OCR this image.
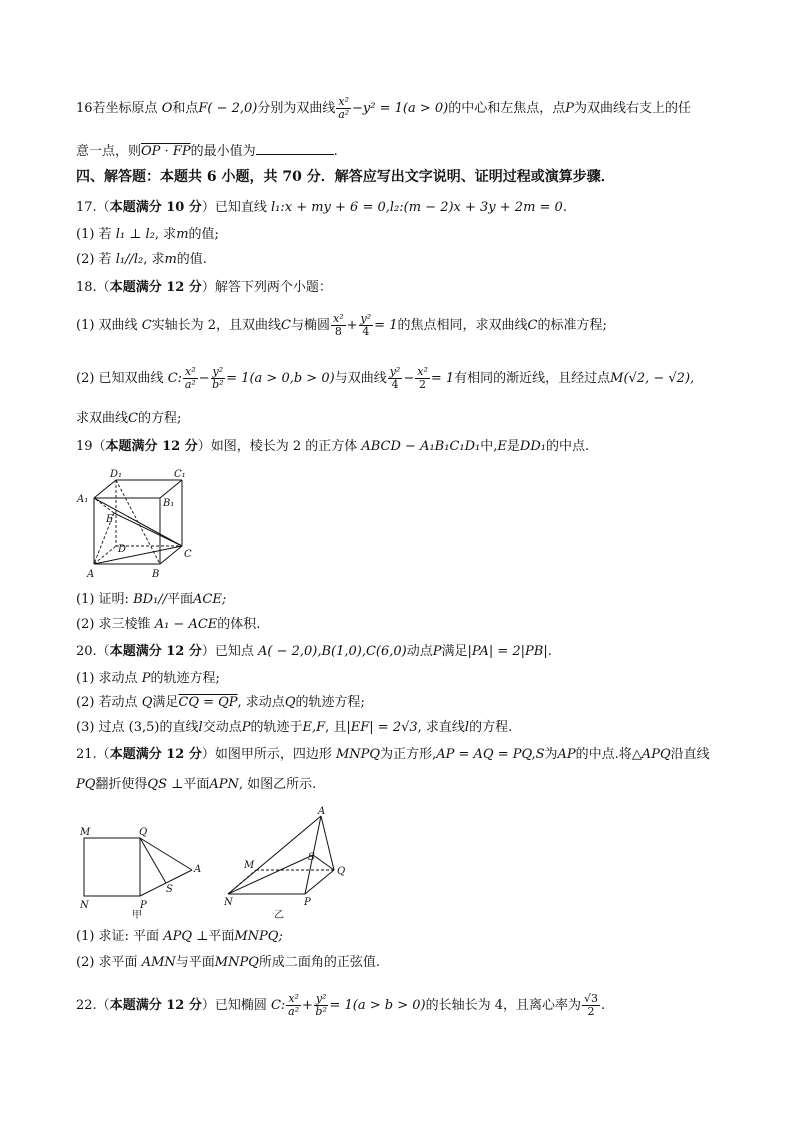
16若坐标原点 O和点F( − 2,0)分别为双曲线 $\frac{\text{x²}}{\text{a²}} -y^2 = 1(a > 0)$的中心和左焦点，点P为双曲线右支上的任
意一点，则OP · FP的最小值为	.
四、解答题：本题共 6 小题，共 70 分．解答应写出文字说明、证明过程或演算步骤．
17.（本题满分 10 分）已知直线 l₁:x + my + 6 = 0,l₂:(m − 2)x + 3y + 2m = 0.
(1) 若 l₁ ⊥ l₂, 求m的值;
(2) 若 l₁//l₂, 求m的值.
18.（本题满分 12 分）解答下列两个小题：
(1) 双曲线 C实轴长为 2，且双曲线C与椭圆 $\frac{\text{x²}}{8} + \frac{\text{y²}}{4} = 1$的焦点相同，求双曲线C的标准方程;
(2) 已知双曲线 C: $\frac{\text{x²}}{\text{a²}} - \frac{\text{y²}}{\text{b²}} = 1(a > 0,b > 0)$与双曲线 $\frac{\text{y²}}{4} - \frac{\text{x²}}{2} = 1$有相同的渐近线，且经过点M(√2, − √2),
求双曲线C的方程;
19（本题满分 12 分）如图，棱长为 2 的正方体 ABCD − A₁B₁C₁D₁中,E是DD₁的中点.
D₁	C₁
A₁	B₁
E
D	C
A	B
(1) 证明: BD₁//平面ACE;
(2) 求三棱锥 A₁ − ACE的体积.
20.（本题满分 12 分）已知点 A( − 2,0),B(1,0),C(6,0)动点P满足|PA| = 2|PB|.
(1) 求动点 P的轨迹方程;
(2) 若动点 Q满足CQ = QP, 求动点Q的轨迹方程;
(3) 过点 (3,5)的直线l交动点P的轨迹于E,F, 且|EF| = 2√3, 求直线l的方程.
21.（本题满分 12 分）如图甲所示，四边形 MNPQ为正方形,AP = AQ = PQ,S为AP的中点.将△APQ沿直线
PQ翻折使得QS ⊥平面APN, 如图乙所示.
M	Q
A
S
N	P
甲
A
M
S
Q
N	P
乙
(1) 求证: 平面 APQ ⊥平面MNPQ;
(2) 求平面 AMN与平面MNPQ所成二面角的正弦值.
22.（本题满分 12 分）已知椭圆 C: $\frac{\text{x²}}{\text{a²}} + \frac{\text{y²}}{\text{b²}} = 1(a > b > 0)$的长轴长为 4，且离心率为 $\frac{√3}{2}$ .
